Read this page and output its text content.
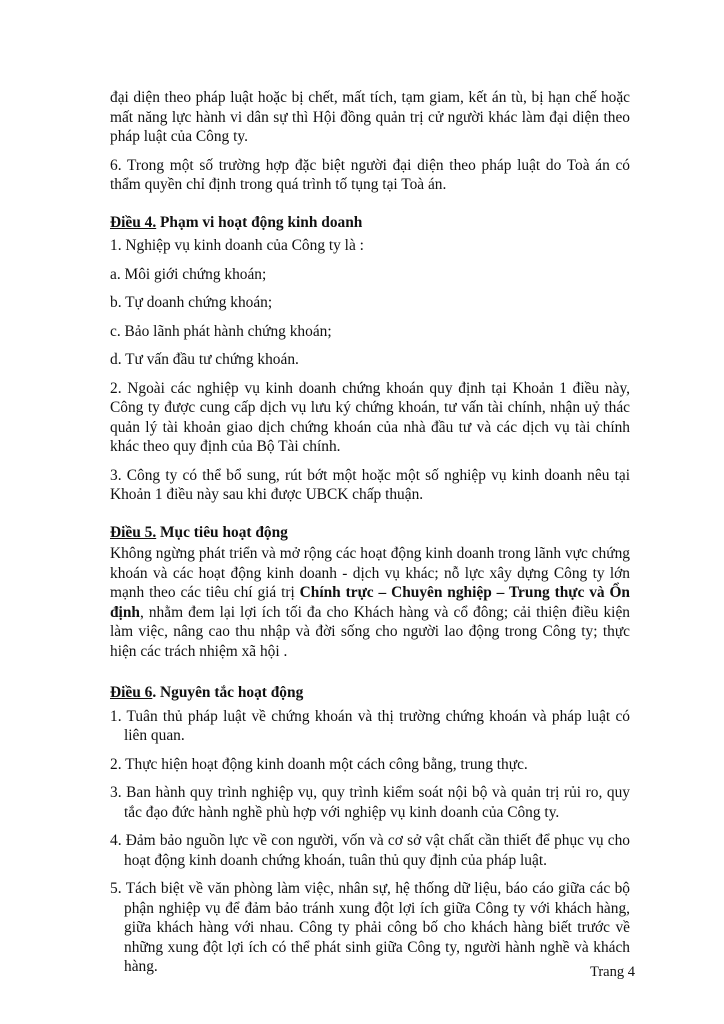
đại diện theo pháp luật hoặc bị chết, mất tích, tạm giam, kết án tù, bị hạn chế hoặc mất năng lực hành vi dân sự thì Hội đồng quản trị cử người khác làm đại diện theo pháp luật của Công ty.

6. Trong một số trường hợp đặc biệt người đại diện theo pháp luật do Toà án có thẩm quyền chỉ định trong quá trình tố tụng tại Toà án.

Điều 4. Phạm vi hoạt động kinh doanh

1. Nghiệp vụ kinh doanh của Công ty là :

a. Môi giới chứng khoán;

b. Tự doanh chứng khoán;

c. Bảo lãnh phát hành chứng khoán;

d. Tư vấn đầu tư chứng khoán.

2. Ngoài các nghiệp vụ kinh doanh chứng khoán quy định tại Khoản 1 điều này, Công ty được cung cấp dịch vụ lưu ký chứng khoán, tư vấn tài chính, nhận uỷ thác quản lý tài khoản giao dịch chứng khoán của nhà đầu tư và các dịch vụ tài chính khác theo quy định của Bộ Tài chính.

3. Công ty có thể bổ sung, rút bớt một hoặc một số nghiệp vụ kinh doanh nêu tại Khoản 1 điều này sau khi được UBCK chấp thuận.

Điều 5. Mục tiêu hoạt động

Không ngừng phát triển và mở rộng các hoạt động kinh doanh trong lãnh vực chứng khoán và các hoạt động kinh doanh - dịch vụ khác; nỗ lực xây dựng Công ty lớn mạnh theo các tiêu chí giá trị Chính trực – Chuyên nghiệp – Trung thực và Ổn định, nhằm đem lại lợi ích tối đa cho Khách hàng và cổ đông; cải thiện điều kiện làm việc, nâng cao thu nhập và đời sống cho người lao động trong Công ty; thực hiện các trách nhiệm xã hội .

Điều 6. Nguyên tắc hoạt động

1. Tuân thủ pháp luật về chứng khoán và thị trường chứng khoán và pháp luật có liên quan.

2. Thực hiện hoạt động kinh doanh một cách công bằng, trung thực.

3. Ban hành quy trình nghiệp vụ, quy trình kiểm soát nội bộ và quản trị rủi ro, quy tắc đạo đức hành nghề phù hợp với nghiệp vụ kinh doanh của Công ty.

4. Đảm bảo nguồn lực về con người, vốn và cơ sở vật chất cần thiết để phục vụ cho hoạt động kinh doanh chứng khoán, tuân thủ quy định của pháp luật.

5. Tách biệt về văn phòng làm việc, nhân sự, hệ thống dữ liệu, báo cáo giữa các bộ phận nghiệp vụ để đảm bảo tránh xung đột lợi ích giữa Công ty với khách hàng, giữa khách hàng với nhau. Công ty phải công bố cho khách hàng biết trước về những xung đột lợi ích có thể phát sinh giữa Công ty, người hành nghề và khách hàng.	Trang 4
